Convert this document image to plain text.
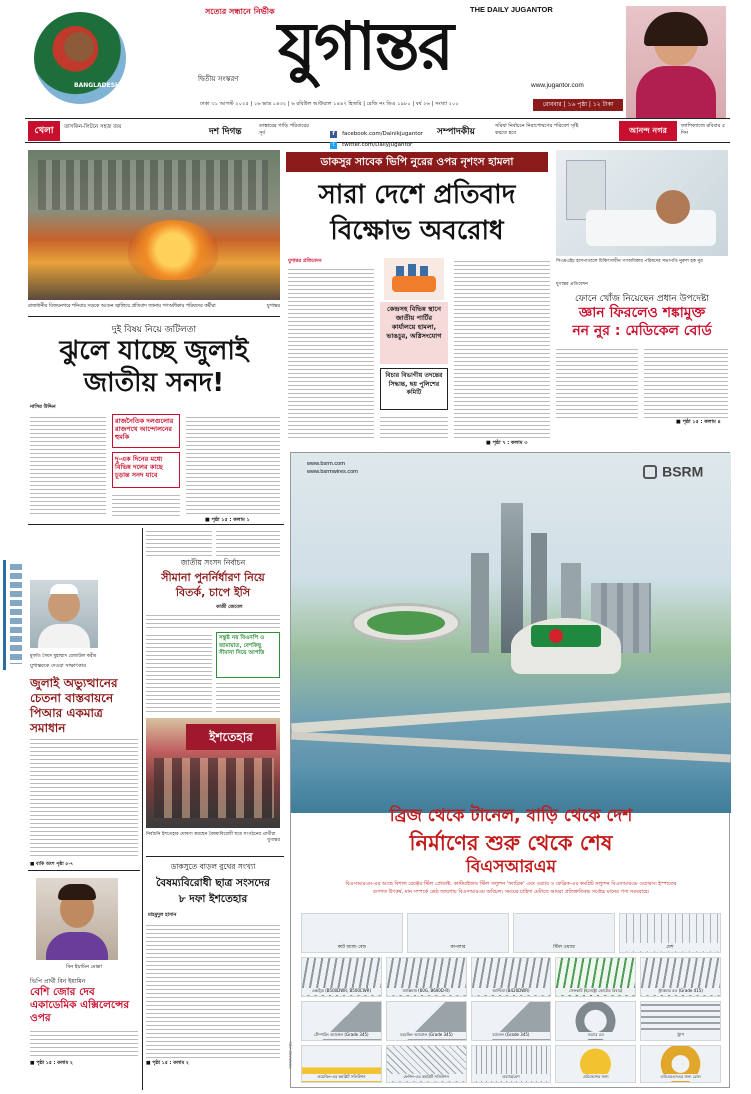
BANGLADESH
সত্যের সন্ধানে নির্ভীক	THE DAILY JUGANTOR
যুগান্তর
দ্বিতীয় সংস্করণ
www.jugantor.com
ঢাকা ৩১ আগস্ট ২০২৫ | ১৬ ভাদ্র ১৪৩২ | ৬ রবিউল আউয়াল ১৪৪৭ হিজরি | রেজি নং ডিএ ১৯৮০ | বর্ষ ২৬ | সংখ্যা ২০০	রোববার | ১৬ পৃষ্ঠা | ১২ টাকা
খেলা	তাসকিন-লিটনে সহজ জয়	দশ দিগন্ত
ডাস্তারের গাড়ি পরিবারের সূর্য	f facebook.com/Dainikjugantor
t twitter.com/DailyJugantor
সম্পাদকীয়
সরিষা নির্বাচনে নিরাপোষণের পরিবেশ সৃষ্টি করতে হবে	আনন্দ নগর	ফ্যাশিক্যাজে রবিবার ৫ দিন
রাজধানীর বিজয়নগরে শনিবার সড়কে আগুন জ্বালিয়ে প্রতিবাদ জানায় গণঅধিকার পরিষদের কর্মীরা	যুগান্তর
দুই বিষয় নিয়ে জটিলতা
ঝুলে যাচ্ছে জুলাই
জাতীয় সনদ!
নাসির উদ্দিন
রাজনৈতিক দলগুলোর রাজপথে আন্দোলনের হুমকি
দু-এক দিনের মধ্যে বিভিন্ন দলের কাছে চূড়ান্ত সনদ যাবে
■ পৃষ্ঠা ১৫ : কলাম ১
মুফতি সৈয়দ মুহাম্মাদ রেজাউল করীম
যুগান্তরকে দেওয়া সাক্ষাৎকার
জুলাই অভ্যুত্থানের চেতনা বাস্তবায়নে পিআর একমাত্র সমাধান
■ বাকি অংশ পৃষ্ঠা ৫-৭
ডাকসুর সাবেক ভিপি নুরের ওপর নৃশংস হামলা
সারা দেশে প্রতিবাদ
বিক্ষোভ অবরোধ
যুগান্তর প্রতিবেদন
কেন্দ্রসহ বিভিন্ন স্থানে জাতীয় পার্টির কার্যালয়ে হামলা, ভাঙচুর, অগ্নিসংযোগ
বিচার বিভাগীয় তদন্তের সিদ্ধান্ত, ছয় পুলিশের কমিটি
■ পৃষ্ঠা ৭ : কলাম ৩
সিএমএইচ হাসপাতালে চিকিৎসাধীন গণঅধিকার পরিষদের সভাপতি নুরুল হক নুর
যুগান্তর প্রতিবেদন
ফোনে খোঁজ নিয়েছেন প্রধান উপদেষ্টা
জ্ঞান ফিরলেও শঙ্কামুক্ত
নন নুর : মেডিকেল বোর্ড
■ পৃষ্ঠা ১৫ : কলাম ৪
জাতীয় সংসদ নির্বাচন
সীমানা পুনর্নির্ধারণ নিয়ে
বিতর্ক, চাপে ইসি
কাজী জেবেল
সন্তুষ্ট নয় বিএনপি ও জামায়াত, বেশকিছু সীমানা নিয়ে আপত্তি
ইশতেহার
নির্বাচনি ইশতেহার ঘোষণা করছেন বৈষম্যবিরোধী ছাত্র সংগঠনের প্রার্থীরা
যুগান্তর
ডাকসুতে বাড়ল বুথের সংখ্যা
বৈষম্যবিরোধী ছাত্র সংসদের
৮ দফা ইশতেহার
মাহমুদুল হাসান
■ পৃষ্ঠা ১৫ : কলাম ২
বিন ইয়ামিন মোল্লা
ভিপি প্রার্থী বিন ইয়ামিন
বেশি জোর দেব একাডেমিক এক্সিলেন্সের ওপর
■ পৃষ্ঠা ১৫ : কলাম ২
www.bsrm.com
www.bsrmwires.com	BSRM
ব্রিজ থেকে টানেল, বাড়ি থেকে দেশ
নির্মাণের শুরু থেকে শেষ
বিএসআরএম
বিএসআরএম-এর আছে বিশাল রেঞ্জের স্টিল প্রোডাক্ট, কাস্টমাইজড স্টিল সল্যুশন 'ফ্যাব্রিক' এবং ওয়্যার ও ফেব্রিক-এর কমপ্লিট সল্যুশন বিএসআরএম ওয়্যারস। ইস্পাতের গুণগত উৎকর্ষ, মান সম্পর্কে শ্রেষ্ঠ জায়গায় বিএসআরএম অবিচল। সময়ের চাহিদা মেটাতে আমরা প্রতিশ্রুতিবদ্ধ সর্বোচ্চ মানের পণ্য সরবরাহে।
কাট অ্যান্ড বেন্ড	কাপলার	স্টিল ওয়্যার	মেশ
এক্সট্রিম (B500DWR, B500CWR)	ম্যাক্সিমাম (60G, B600D-R)	আল্টিমা (B420DWR)	সেফকাট (ইলেক্ট্রো কোটেড রিবার)	স্ট্রাকচার রড (Grade 415)
টেম্পারিং অ্যাঙ্গেল (Grade 345)	ওয়েল্ডিং অ্যাঙ্গেল (Grade 345)	চ্যানেল (Grade 345)	ওয়্যার রড	স্ট্রাপ
ওয়েল্ডিং-এর কমপ্লিট সলিউশন	ফেন্সিং-এর কমপ্লিট সলিউশন	ওয়্যার/মেশ	এমিনেন্সের জন্য	এমিএমএসএর জন্য রোল
FORWARD-ADS
